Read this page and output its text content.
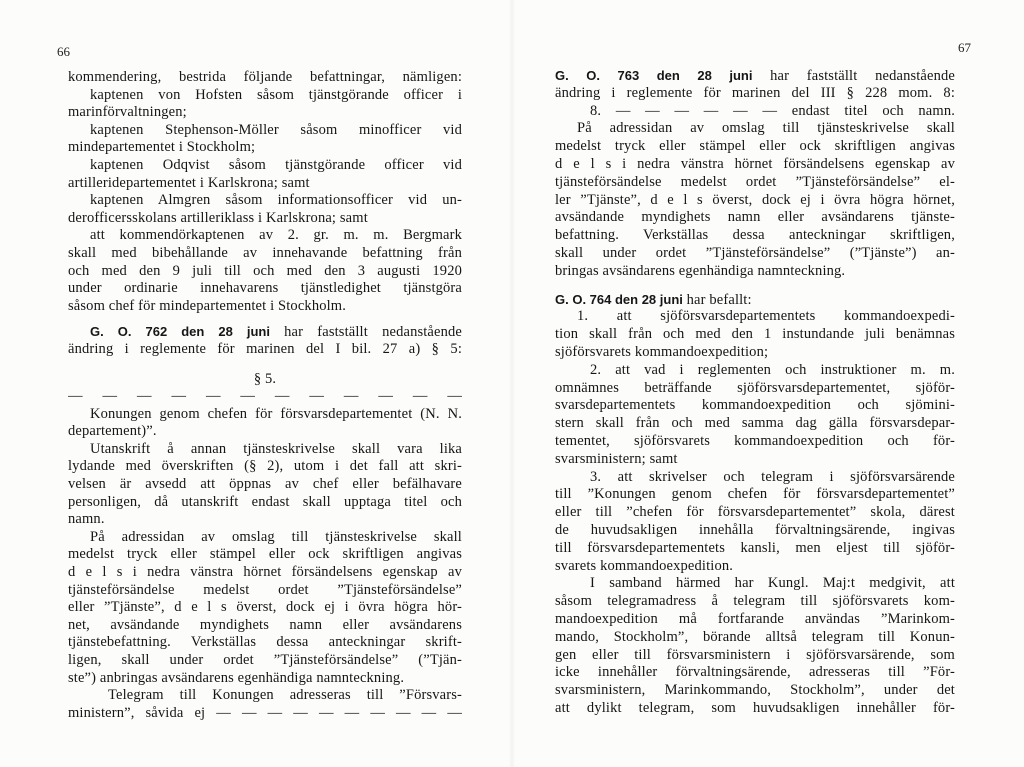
66
kommendering, bestrida följande befattningar, nämligen:
kaptenen von Hofsten såsom tjänstgörande officer i
marinförvaltningen;
kaptenen Stephenson-Möller såsom minofficer vid
mindepartementet i Stockholm;
kaptenen Odqvist såsom tjänstgörande officer vid
artilleridepartementet i Karlskrona; samt
kaptenen Almgren såsom informationsofficer vid un-
derofficersskolans artilleriklass i Karlskrona; samt
att kommendörkaptenen av 2. gr. m. m. Bergmark
skall med bibehållande av innehavande befattning från
och med den 9 juli till och med den 3 augusti 1920
under ordinarie innehavarens tjänstledighet tjänstgöra
såsom chef för mindepartementet i Stockholm.
G. O. 762 den 28 juni har fastställt nedanstående
ändring i reglemente för marinen del I bil. 27 a) § 5:
§ 5.
— — — — — — — — — — — —
Konungen genom chefen för försvarsdepartementet (N. N.
departement)”.
Utanskrift å annan tjänsteskrivelse skall vara lika
lydande med överskriften (§ 2), utom i det fall att skri-
velsen är avsedd att öppnas av chef eller befälhavare
personligen, då utanskrift endast skall upptaga titel och
namn.
På adressidan av omslag till tjänsteskrivelse skall
medelst tryck eller stämpel eller ock skriftligen angivas
d e l s i nedra vänstra hörnet försändelsens egenskap av
tjänsteförsändelse medelst ordet ”Tjänsteförsändelse”
eller ”Tjänste”, d e l s överst, dock ej i övra högra hör-
net, avsändande myndighets namn eller avsändarens
tjänstebefattning. Verkställas dessa anteckningar skrift-
ligen, skall under ordet ”Tjänsteförsändelse” (”Tjän-
ste”) anbringas avsändarens egenhändiga namnteckning.
Telegram till Konungen adresseras till ”Försvars-
ministern”, såvida ej — — — — — — — — — —
67
G. O. 763 den 28 juni har fastställt nedanstående
ändring i reglemente för marinen del III § 228 mom. 8:
8. — — — — — — endast titel och namn.
På adressidan av omslag till tjänsteskrivelse skall
medelst tryck eller stämpel eller ock skriftligen angivas
d e l s i nedra vänstra hörnet försändelsens egenskap av
tjänsteförsändelse medelst ordet ”Tjänsteförsändelse” el-
ler ”Tjänste”, d e l s överst, dock ej i övra högra hörnet,
avsändande myndighets namn eller avsändarens tjänste-
befattning. Verkställas dessa anteckningar skriftligen,
skall under ordet ”Tjänsteförsändelse” (”Tjänste”) an-
bringas avsändarens egenhändiga namnteckning.
G. O. 764 den 28 juni har befallt:
1. att sjöförsvarsdepartementets kommandoexpedi-
tion skall från och med den 1 instundande juli benämnas
sjöförsvarets kommandoexpedition;
2. att vad i reglementen och instruktioner m. m.
omnämnes beträffande sjöförsvarsdepartementet, sjöför-
svarsdepartementets kommandoexpedition och sjömini-
stern skall från och med samma dag gälla försvarsdepar-
tementet, sjöförsvarets kommandoexpedition och för-
svarsministern; samt
3. att skrivelser och telegram i sjöförsvarsärende
till ”Konungen genom chefen för försvarsdepartementet”
eller till ”chefen för försvarsdepartementet” skola, därest
de huvudsakligen innehålla förvaltningsärende, ingivas
till försvarsdepartementets kansli, men eljest till sjöför-
svarets kommandoexpedition.
I samband härmed har Kungl. Maj:t medgivit, att
såsom telegramadress å telegram till sjöförsvarets kom-
mandoexpedition må fortfarande användas ”Marinkom-
mando, Stockholm”, börande alltså telegram till Konun-
gen eller till försvarsministern i sjöförsvarsärende, som
icke innehåller förvaltningsärende, adresseras till ”För-
svarsministern, Marinkommando, Stockholm”, under det
att dylikt telegram, som huvudsakligen innehåller för-
